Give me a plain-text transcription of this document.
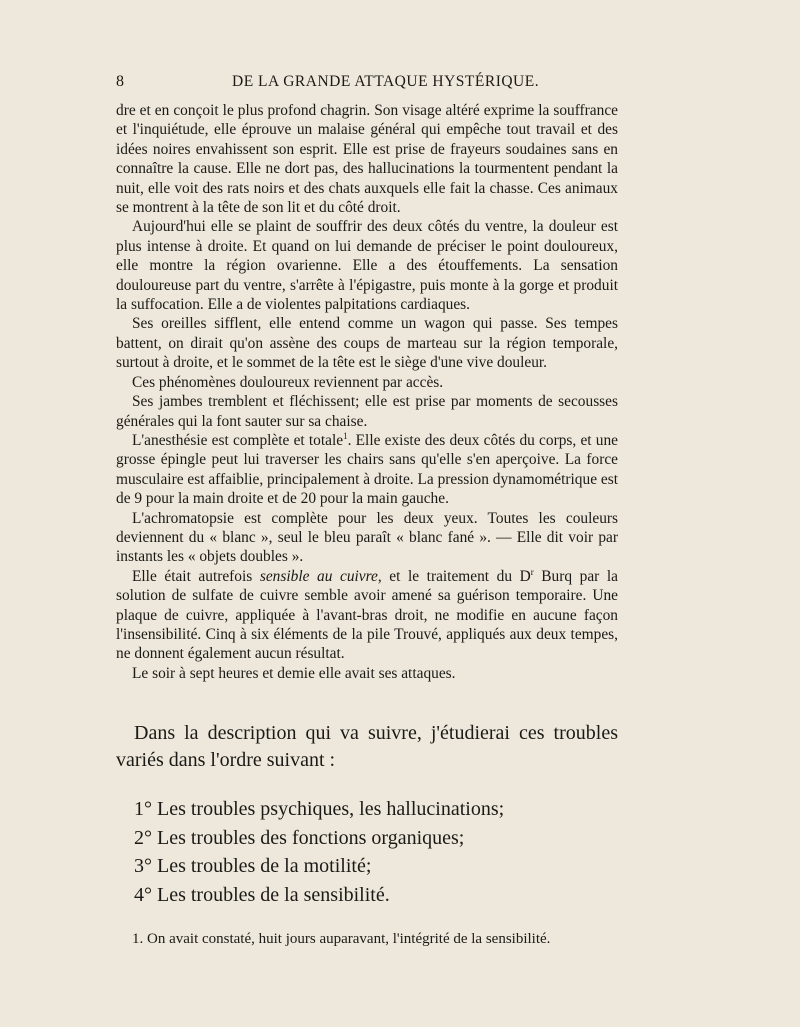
8	DE LA GRANDE ATTAQUE HYSTÉRIQUE.

dre et en conçoit le plus profond chagrin. Son visage altéré exprime la souffrance et l'inquiétude, elle éprouve un malaise général qui empêche tout travail et des idées noires envahissent son esprit. Elle est prise de frayeurs soudaines sans en connaître la cause. Elle ne dort pas, des hallucinations la tourmentent pendant la nuit, elle voit des rats noirs et des chats auxquels elle fait la chasse. Ces animaux se montrent à la tête de son lit et du côté droit.

Aujourd'hui elle se plaint de souffrir des deux côtés du ventre, la douleur est plus intense à droite. Et quand on lui demande de préciser le point douloureux, elle montre la région ovarienne. Elle a des étouffements. La sensation douloureuse part du ventre, s'arrête à l'épigastre, puis monte à la gorge et produit la suffocation. Elle a de violentes palpitations cardiaques.

Ses oreilles sifflent, elle entend comme un wagon qui passe. Ses tempes battent, on dirait qu'on assène des coups de marteau sur la région temporale, surtout à droite, et le sommet de la tête est le siège d'une vive douleur.

Ces phénomènes douloureux reviennent par accès.

Ses jambes tremblent et fléchissent; elle est prise par moments de secousses générales qui la font sauter sur sa chaise.

L'anesthésie est complète et totale$^1$. Elle existe des deux côtés du corps, et une grosse épingle peut lui traverser les chairs sans qu'elle s'en aperçoive. La force musculaire est affaiblie, principalement à droite. La pression dynamométrique est de 9 pour la main droite et de 20 pour la main gauche.

L'achromatopsie est complète pour les deux yeux. Toutes les couleurs deviennent du « blanc », seul le bleu paraît « blanc fané ». — Elle dit voir par instants les « objets doubles ».

Elle était autrefois sensible au cuivre, et le traitement du $D^r$ Burq par la solution de sulfate de cuivre semble avoir amené sa guérison temporaire. Une plaque de cuivre, appliquée à l'avant-bras droit, ne modifie en aucune façon l'insensibilité. Cinq à six éléments de la pile Trouvé, appliqués aux deux tempes, ne donnent également aucun résultat.

Le soir à sept heures et demie elle avait ses attaques.

Dans la description qui va suivre, j'étudierai ces troubles variés dans l'ordre suivant :

1° Les troubles psychiques, les hallucinations;
2° Les troubles des fonctions organiques;
3° Les troubles de la motilité;
4° Les troubles de la sensibilité.

1. On avait constaté, huit jours auparavant, l'intégrité de la sensibilité.
